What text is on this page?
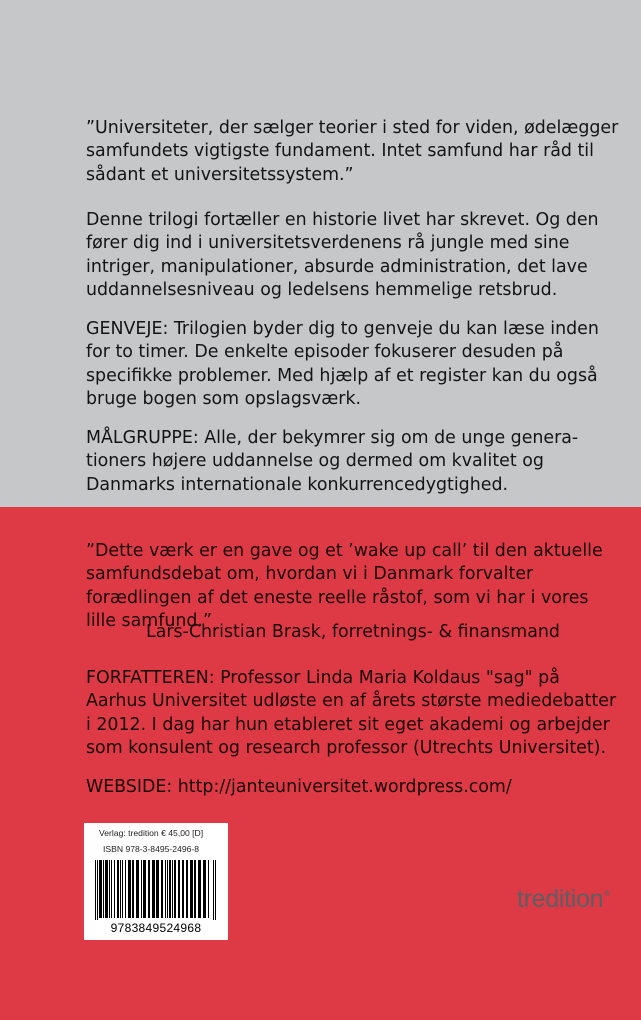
”Universiteter, der sælger teorier i sted for viden, ødelægger
samfundets vigtigste fundament. Intet samfund har råd til
sådant et universitetssystem.”

Denne trilogi fortæller en historie livet har skrevet. Og den
fører dig ind i universitetsverdenens rå jungle med sine
intriger, manipulationer, absurde administration, det lave
uddannelsesniveau og ledelsens hemmelige retsbrud.

GENVEJE: Trilogien byder dig to genveje du kan læse inden
for to timer. De enkelte episoder fokuserer desuden på
specifikke problemer. Med hjælp af et register kan du også
bruge bogen som opslagsværk.

MÅLGRUPPE: Alle, der bekymrer sig om de unge genera-
tioners højere uddannelse og dermed om kvalitet og
Danmarks internationale konkurrencedygtighed.

”Dette værk er en gave og et ’wake up call’ til den aktuelle
samfundsdebat om, hvordan vi i Danmark forvalter
forædlingen af det eneste reelle råstof, som vi har i vores
lille samfund.”

Lars-Christian Brask, forretnings- & finansmand

FORFATTEREN: Professor Linda Maria Koldaus "sag" på
Aarhus Universitet udløste en af årets største mediedebatter
i 2012. I dag har hun etableret sit eget akademi og arbejder
som konsulent og research professor (Utrechts Universitet).

WEBSIDE: http://janteuniversitet.wordpress.com/

Verlag: tredition € 45,00 [D]
ISBN 978-3-8495-2496-8
9783849524968
tredition®
